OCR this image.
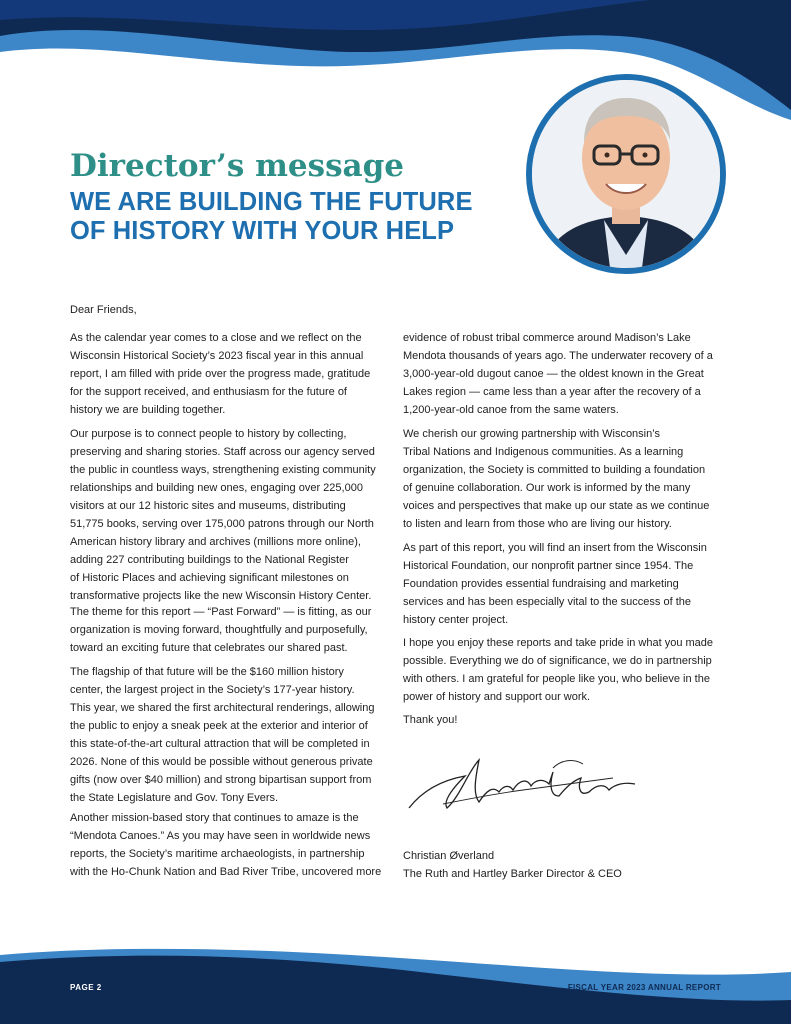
Director’s message
WE ARE BUILDING THE FUTURE
OF HISTORY WITH YOUR HELP
Dear Friends,
As the calendar year comes to a close and we reflect on the
Wisconsin Historical Society’s 2023 fiscal year in this annual
report, I am filled with pride over the progress made, gratitude
for the support received, and enthusiasm for the future of
history we are building together.
Our purpose is to connect people to history by collecting,
preserving and sharing stories. Staff across our agency served
the public in countless ways, strengthening existing community
relationships and building new ones, engaging over 225,000
visitors at our 12 historic sites and museums, distributing
51,775 books, serving over 175,000 patrons through our North
American history library and archives (millions more online),
adding 227 contributing buildings to the National Register
of Historic Places and achieving significant milestones on
transformative projects like the new Wisconsin History Center.
The theme for this report — “Past Forward” — is fitting, as our
organization is moving forward, thoughtfully and purposefully,
toward an exciting future that celebrates our shared past.
The flagship of that future will be the $160 million history
center, the largest project in the Society’s 177-year history.
This year, we shared the first architectural renderings, allowing
the public to enjoy a sneak peek at the exterior and interior of
this state-of-the-art cultural attraction that will be completed in
2026. None of this would be possible without generous private
gifts (now over $40 million) and strong bipartisan support from
the State Legislature and Gov. Tony Evers.
Another mission-based story that continues to amaze is the
“Mendota Canoes.” As you may have seen in worldwide news
reports, the Society’s maritime archaeologists, in partnership
with the Ho-Chunk Nation and Bad River Tribe, uncovered more
evidence of robust tribal commerce around Madison’s Lake
Mendota thousands of years ago. The underwater recovery of a
3,000-year-old dugout canoe — the oldest known in the Great
Lakes region — came less than a year after the recovery of a
1,200-year-old canoe from the same waters.
We cherish our growing partnership with Wisconsin’s
Tribal Nations and Indigenous communities. As a learning
organization, the Society is committed to building a foundation
of genuine collaboration. Our work is informed by the many
voices and perspectives that make up our state as we continue
to listen and learn from those who are living our history.
As part of this report, you will find an insert from the Wisconsin
Historical Foundation, our nonprofit partner since 1954. The
Foundation provides essential fundraising and marketing
services and has been especially vital to the success of the
history center project.
I hope you enjoy these reports and take pride in what you made
possible. Everything we do of significance, we do in partnership
with others. I am grateful for people like you, who believe in the
power of history and support our work.
Thank you!
Christian Øverland
The Ruth and Hartley Barker Director & CEO
PAGE 2	FISCAL YEAR 2023 ANNUAL REPORT
